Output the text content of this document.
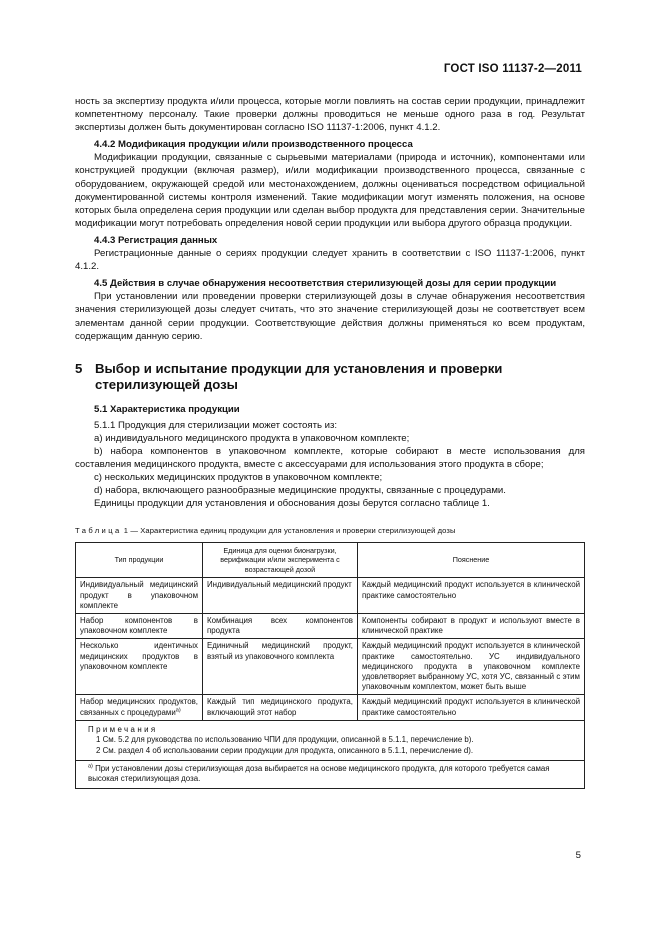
ГОСТ ISO 11137-2—2011

ность за экспертизу продукта и/или процесса, которые могли повлиять на состав серии продукции, принадлежит компетентному персоналу. Такие проверки должны проводиться не меньше одного раза в год. Результат экспертизы должен быть документирован согласно ISO 11137-1:2006, пункт 4.1.2.

4.4.2 Модификация продукции и/или производственного процесса

Модификации продукции, связанные с сырьевыми материалами (природа и источник), компонентами или конструкцией продукции (включая размер), и/или модификации производственного процесса, связанные с оборудованием, окружающей средой или местонахождением, должны оцениваться посредством официальной документированной системы контроля изменений. Такие модификации могут изменять положения, на основе которых была определена серия продукции или сделан выбор продукта для представления серии. Значительные модификации могут потребовать определения новой серии продукции или выбора другого образца продукции.

4.4.3 Регистрация данных

Регистрационные данные о сериях продукции следует хранить в соответствии с ISO 11137-1:2006, пункт 4.1.2.

4.5 Действия в случае обнаружения несоответствия стерилизующей дозы для серии продукции

При установлении или проведении проверки стерилизующей дозы в случае обнаружения несоответствия значения стерилизующей дозы следует считать, что это значение стерилизующей дозы не соответствует всем элементам данной серии продукции. Соответствующие действия должны применяться ко всем продуктам, содержащим данную серию.

5 Выбор и испытание продукции для установления и проверки
стерилизующей дозы

5.1 Характеристика продукции

5.1.1 Продукция для стерилизации может состоять из:

a) индивидуального медицинского продукта в упаковочном комплекте;

b) набора компонентов в упаковочном комплекте, которые собирают в месте использования для составления медицинского продукта, вместе с аксессуарами для использования этого продукта в сборе;

c) нескольких медицинских продуктов в упаковочном комплекте;

d) набора, включающего разнообразные медицинские продукты, связанные с процедурами.

Единицы продукции для установления и обоснования дозы берутся согласно таблице 1.

Таблица 1 — Характеристика единиц продукции для установления и проверки стерилизующей дозы

Тип продукции	Единица для оценки бионагрузки, верификации и/или эксперимента с возрастающей дозой	Пояснение
Индивидуальный медицинский продукт в упаковочном комплекте	Индивидуальный медицинский продукт	Каждый медицинский продукт используется в клинической практике самостоятельно
Набор компонентов в упаковочном комплекте	Комбинация всех компонентов продукта	Компоненты собирают в продукт и используют вместе в клинической практике
Несколько идентичных медицинских продуктов в упаковочном комплекте	Единичный медицинский продукт, взятый из упаковочного комплекта	Каждый медицинский продукт используется в клинической практике самостоятельно. УС индивидуального медицинского продукта в упаковочном комплекте удовлетворяет выбранному УС, хотя УС, связанный с этим упаковочным комплектом, может быть выше
Набор медицинских продуктов, связанных с процедурами$^{а)}$	Каждый тип медицинского продукта, включающий этот набор	Каждый медицинский продукт используется в клинической практике самостоятельно

Примечания
1 См. 5.2 для руководства по использованию ЧПИ для продукции, описанной в 5.1.1, перечисление b).
2 См. раздел 4 об использовании серии продукции для продукта, описанного в 5.1.1, перечисление d).		

$^{а)}$ При установлении дозы стерилизующая доза выбирается на основе медицинского продукта, для которого требуется самая высокая стерилизующая доза.		
5
